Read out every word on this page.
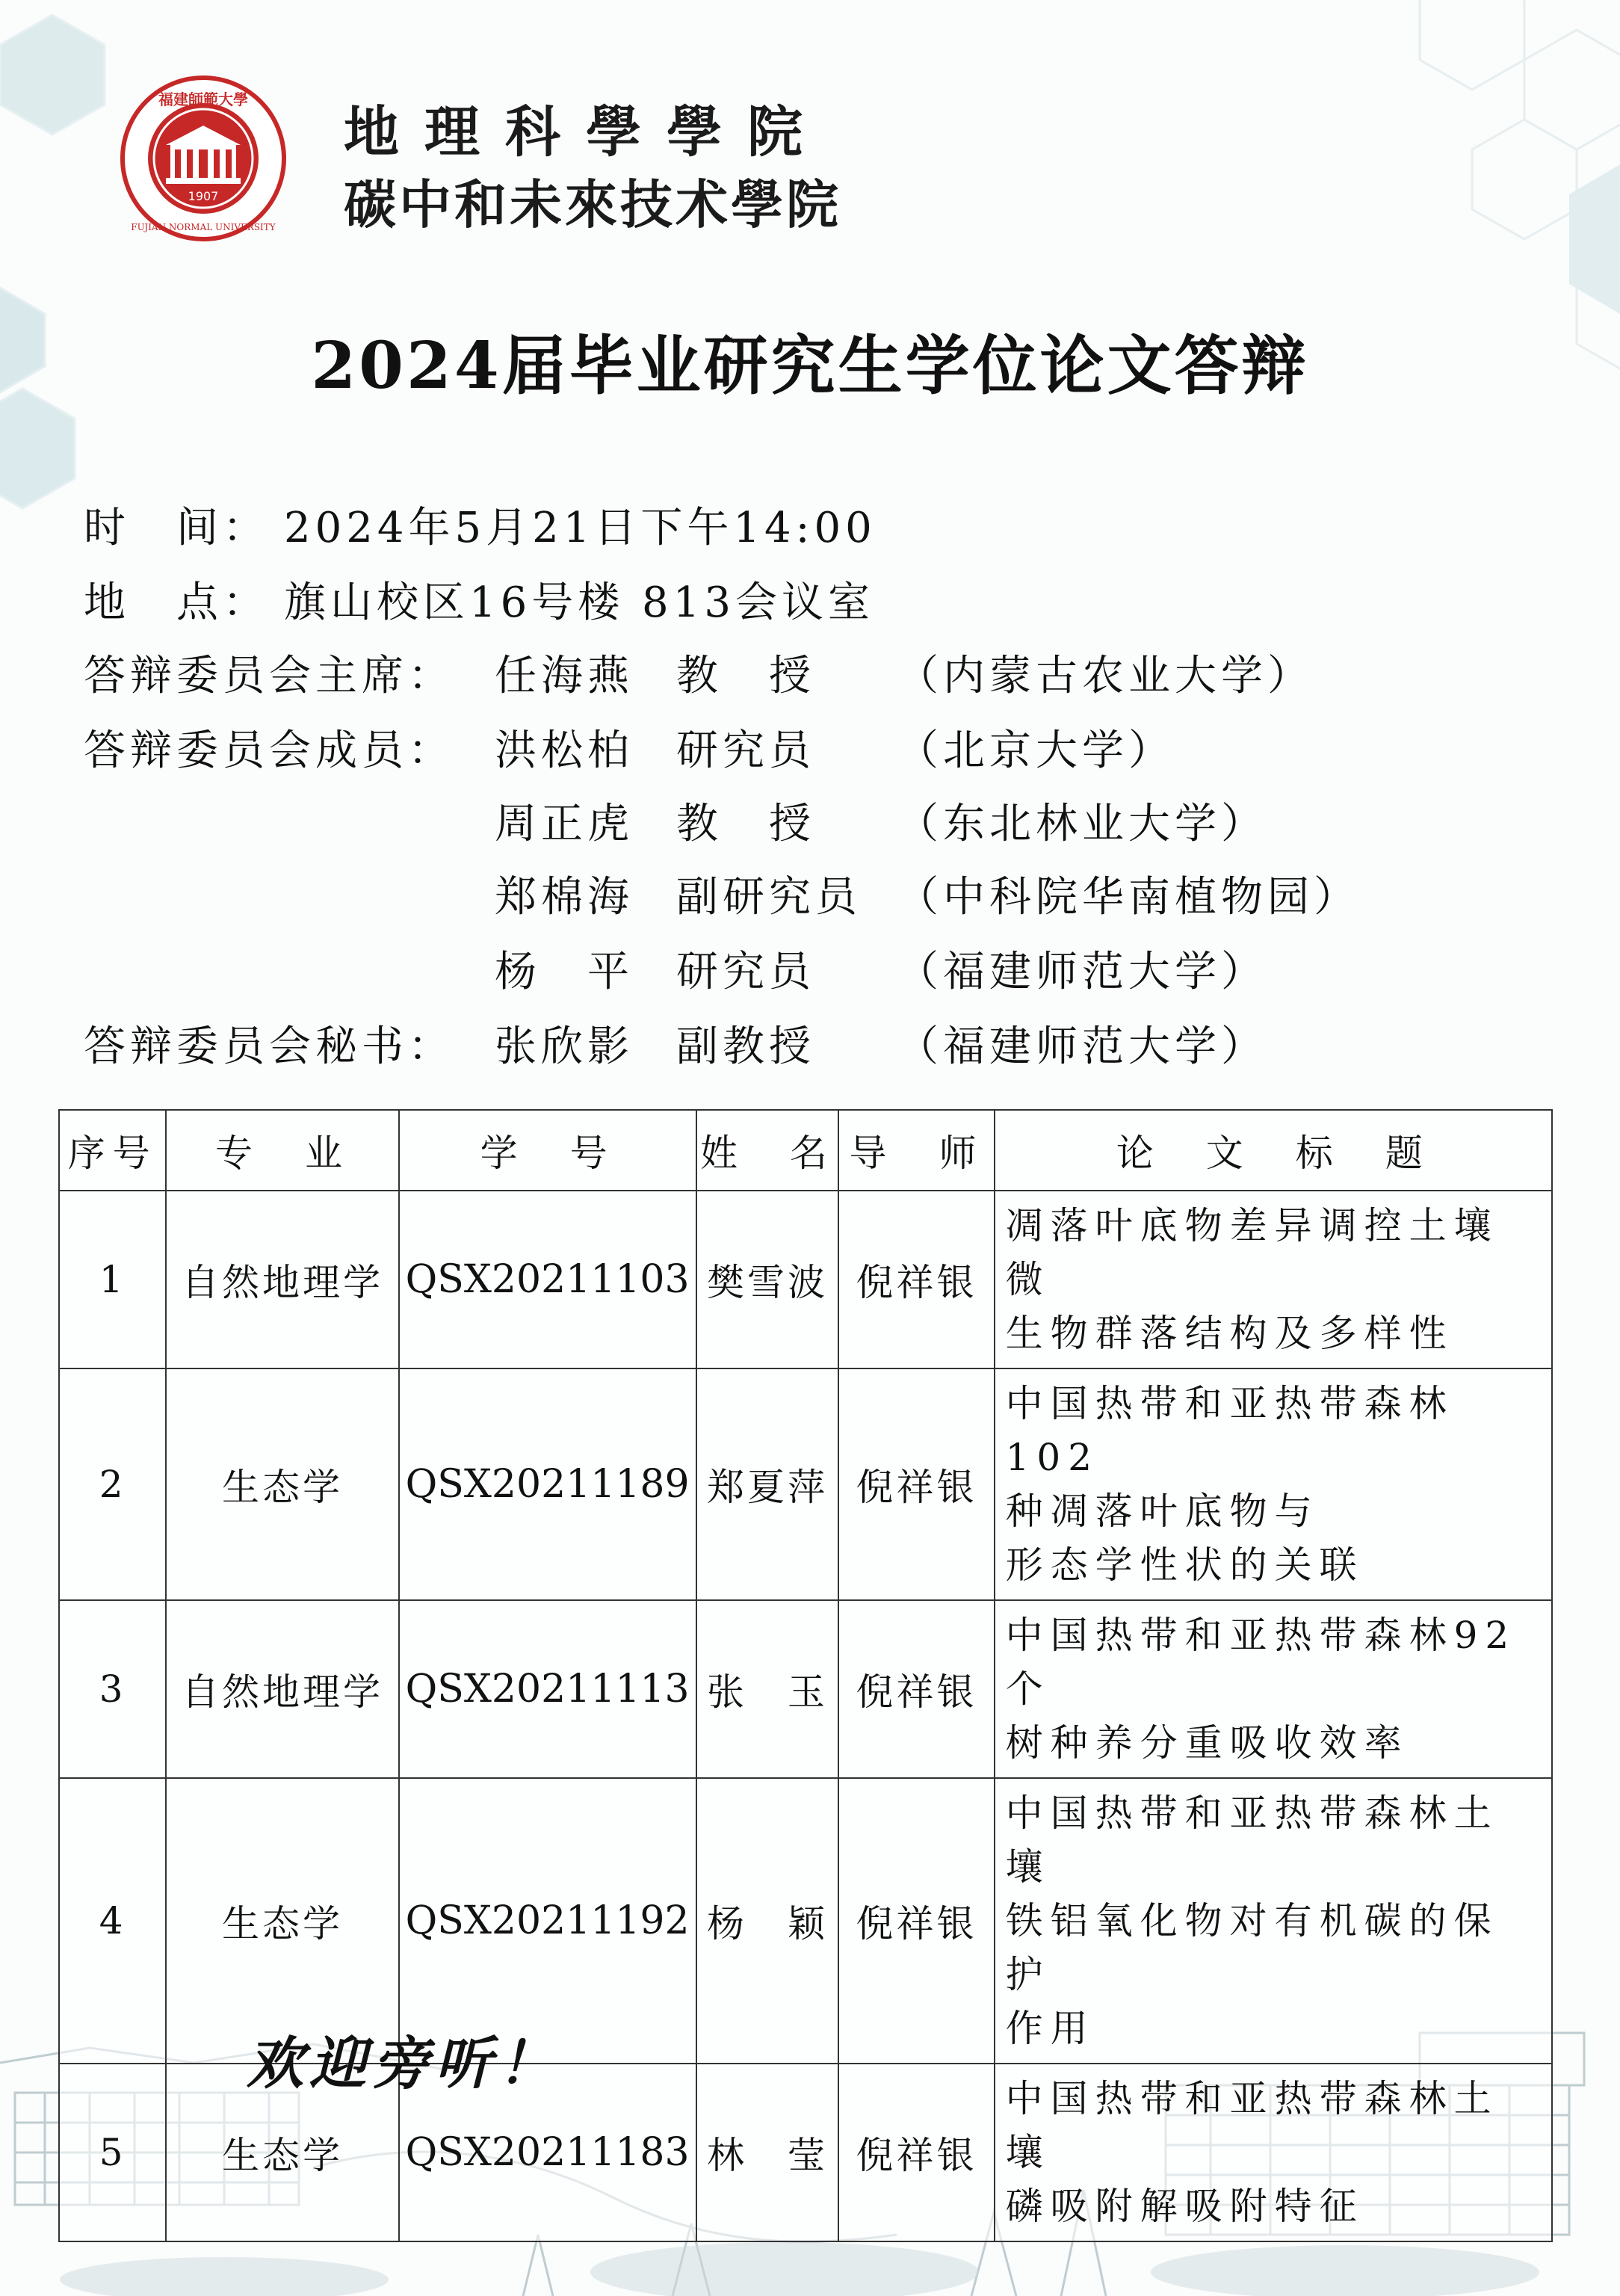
1907
福建師範大學
FUJIAN NORMAL UNIVERSITY
地理科學學院
碳中和未來技术學院
2024届毕业研究生学位论文答辩
时　间： 2024年5月21日下午14:00
地　点： 旗山校区16号楼 813会议室
答辩委员会主席： 任海燕 教　授 （内蒙古农业大学）
答辩委员会成员： 洪松柏 研究员 （北京大学）
周正虎 教　授 （东北林业大学）
郑棉海 副研究员 （中科院华南植物园）
杨　平 研究员 （福建师范大学）
答辩委员会秘书： 张欣影 副教授 （福建师范大学）
序号	专　业	学　号	姓　名	导　师	论　文　标　题
1	自然地理学	QSX20211103	樊雪波	倪祥银	凋落叶底物差异调控土壤微
生物群落结构及多样性
2	生态学	QSX20211189	郑夏萍	倪祥银	中国热带和亚热带森林 102
种凋落叶底物与
形态学性状的关联
3	自然地理学	QSX20211113	张　玉	倪祥银	中国热带和亚热带森林92个
树种养分重吸收效率
4	生态学	QSX20211192	杨　颖	倪祥银	中国热带和亚热带森林土壤
铁铝氧化物对有机碳的保护
作用
5	生态学	QSX20211183	林　莹	倪祥银	中国热带和亚热带森林土壤
磷吸附解吸附特征
欢迎旁听！
